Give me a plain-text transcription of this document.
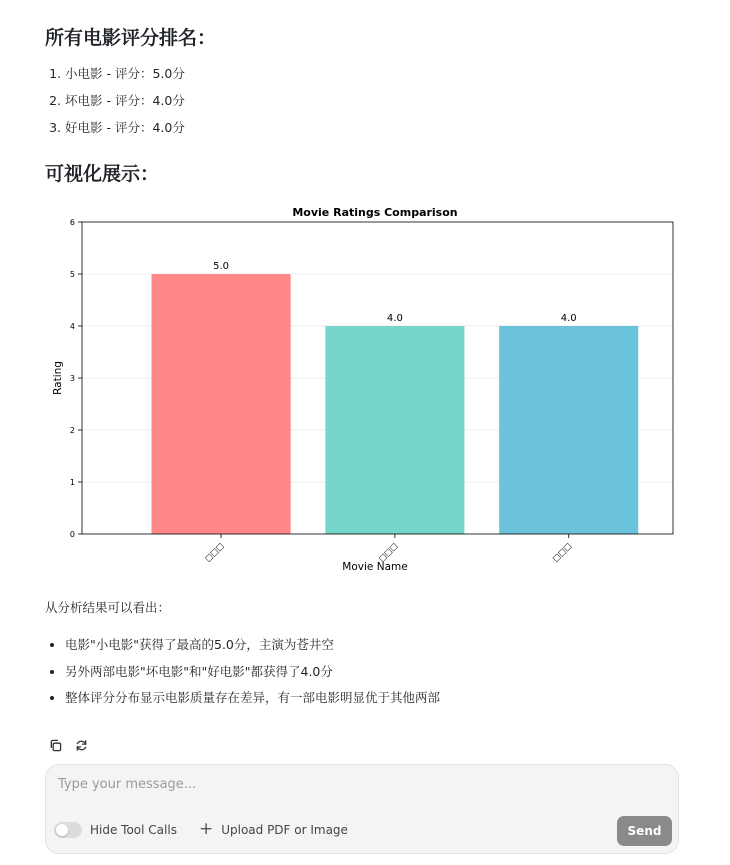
所有电影评分排名：
1. 小电影 - 评分：5.0分
2. 坏电影 - 评分：4.0分
3. 好电影 - 评分：4.0分
可视化展示：
Movie Ratings Comparison
5.0
4.0	4.0
0
1
2
3
4
5
6
□□□	□□□	□□□
Movie Name
Rating
从分析结果可以看出：
• 电影"小电影"获得了最高的5.0分，主演为苍井空
• 另外两部电影"坏电影"和"好电影"都获得了4.0分
• 整体评分分布显示电影质量存在差异，有一部电影明显优于其他两部
Type your message...
Hide Tool Calls + Upload PDF or Image	Send
